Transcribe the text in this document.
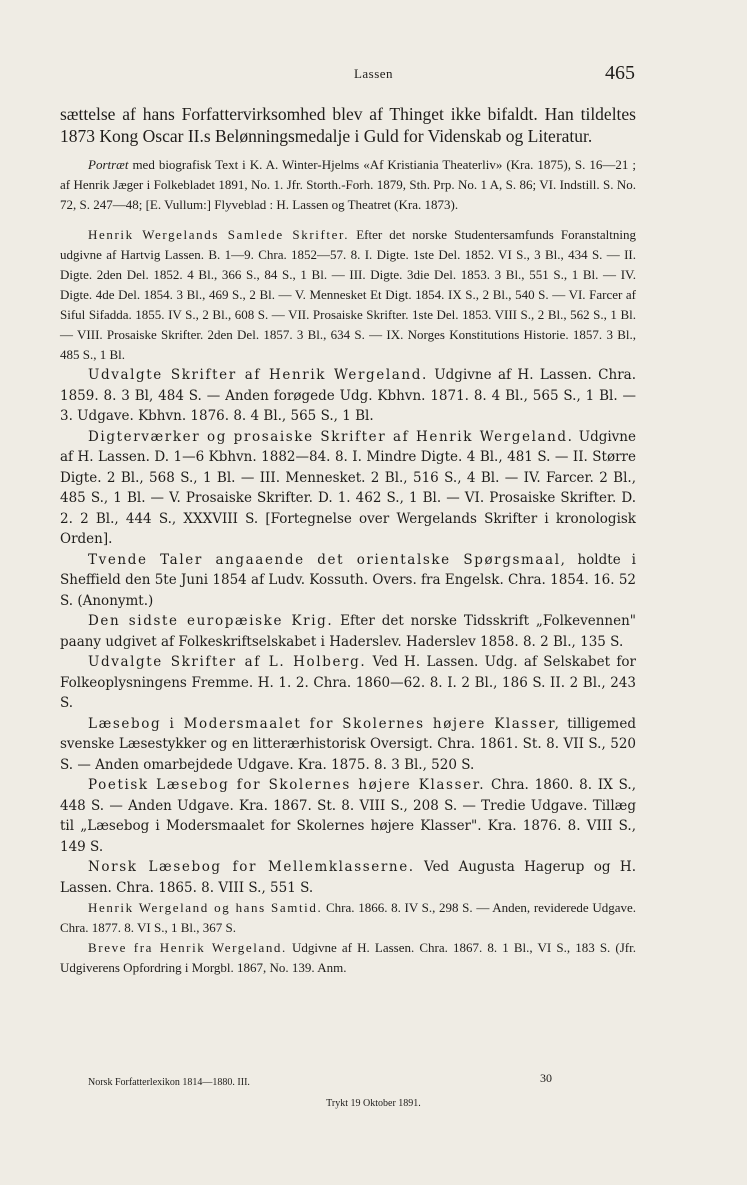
Lassen	465

sættelse af hans Forfattervirksomhed blev af Thinget ikke bifaldt. Han tildeltes 1873 Kong Oscar II.s Belønningsmedalje i Guld for Videnskab og Literatur.

Portræt med biografisk Text i K. A. Winter-Hjelms «Af Kristiania Theaterliv» (Kra. 1875), S. 16—21 ; af Henrik Jæger i Folkebladet 1891, No. 1. Jfr. Storth.-Forh. 1879, Sth. Prp. No. 1 A, S. 86; VI. Indstill. S. No. 72, S. 247—48; [E. Vullum:] Flyveblad : H. Lassen og Theatret (Kra. 1873).

Henrik Wergelands Samlede Skrifter. Efter det norske Studentersamfunds Foranstaltning udgivne af Hartvig Lassen. B. 1—9. Chra. 1852—57. 8. I. Digte. 1ste Del. 1852. VI S., 3 Bl., 434 S. — II. Digte. 2den Del. 1852. 4 Bl., 366 S., 84 S., 1 Bl. — III. Digte. 3die Del. 1853. 3 Bl., 551 S., 1 Bl. — IV. Digte. 4de Del. 1854. 3 Bl., 469 S., 2 Bl. — V. Mennesket Et Digt. 1854. IX S., 2 Bl., 540 S. — VI. Farcer af Siful Sifadda. 1855. IV S., 2 Bl., 608 S. — VII. Prosaiske Skrifter. 1ste Del. 1853. VIII S., 2 Bl., 562 S., 1 Bl. — VIII. Prosaiske Skrifter. 2den Del. 1857. 3 Bl., 634 S. — IX. Norges Konstitutions Historie. 1857. 3 Bl., 485 S., 1 Bl.

Udvalgte Skrifter af Henrik Wergeland. Udgivne af H. Lassen. Chra. 1859. 8. 3 Bl, 484 S. — Anden forøgede Udg. Kbhvn. 1871. 8. 4 Bl., 565 S., 1 Bl. — 3. Udgave. Kbhvn. 1876. 8. 4 Bl., 565 S., 1 Bl.

Digterværker og prosaiske Skrifter af Henrik Wergeland. Udgivne af H. Lassen. D. 1—6 Kbhvn. 1882—84. 8. I. Mindre Digte. 4 Bl., 481 S. — II. Større Digte. 2 Bl., 568 S., 1 Bl. — III. Mennesket. 2 Bl., 516 S., 4 Bl. — IV. Farcer. 2 Bl., 485 S., 1 Bl. — V. Prosaiske Skrifter. D. 1. 462 S., 1 Bl. — VI. Prosaiske Skrifter. D. 2. 2 Bl., 444 S., XXXVIII S. [Fortegnelse over Wergelands Skrifter i kronologisk Orden].

Tvende Taler angaaende det orientalske Spørgsmaal, holdte i Sheffield den 5te Juni 1854 af Ludv. Kossuth. Overs. fra Engelsk. Chra. 1854. 16. 52 S. (Anonymt.)

Den sidste europæiske Krig. Efter det norske Tidsskrift „Folkevennen" paany udgivet af Folkeskriftselskabet i Haderslev. Haderslev 1858. 8. 2 Bl., 135 S.

Udvalgte Skrifter af L. Holberg. Ved H. Lassen. Udg. af Selskabet for Folkeoplysningens Fremme. H. 1. 2. Chra. 1860—62. 8. I. 2 Bl., 186 S. II. 2 Bl., 243 S.

Læsebog i Modersmaalet for Skolernes højere Klasser, tilligemed svenske Læsestykker og en litterærhistorisk Oversigt. Chra. 1861. St. 8. VII S., 520 S. — Anden omarbejdede Udgave. Kra. 1875. 8. 3 Bl., 520 S.

Poetisk Læsebog for Skolernes højere Klasser. Chra. 1860. 8. IX S., 448 S. — Anden Udgave. Kra. 1867. St. 8. VIII S., 208 S. — Tredie Udgave. Tillæg til „Læsebog i Modersmaalet for Skolernes højere Klasser". Kra. 1876. 8. VIII S., 149 S.

Norsk Læsebog for Mellemklasserne. Ved Augusta Hagerup og H. Lassen. Chra. 1865. 8. VIII S., 551 S.

Henrik Wergeland og hans Samtid. Chra. 1866. 8. IV S., 298 S. — Anden, reviderede Udgave. Chra. 1877. 8. VI S., 1 Bl., 367 S.

Breve fra Henrik Wergeland. Udgivne af H. Lassen. Chra. 1867. 8. 1 Bl., VI S., 183 S. (Jfr. Udgiverens Opfordring i Morgbl. 1867, No. 139. Anm.

Norsk Forfatterlexikon 1814—1880. III.	30
Trykt 19 Oktober 1891.
